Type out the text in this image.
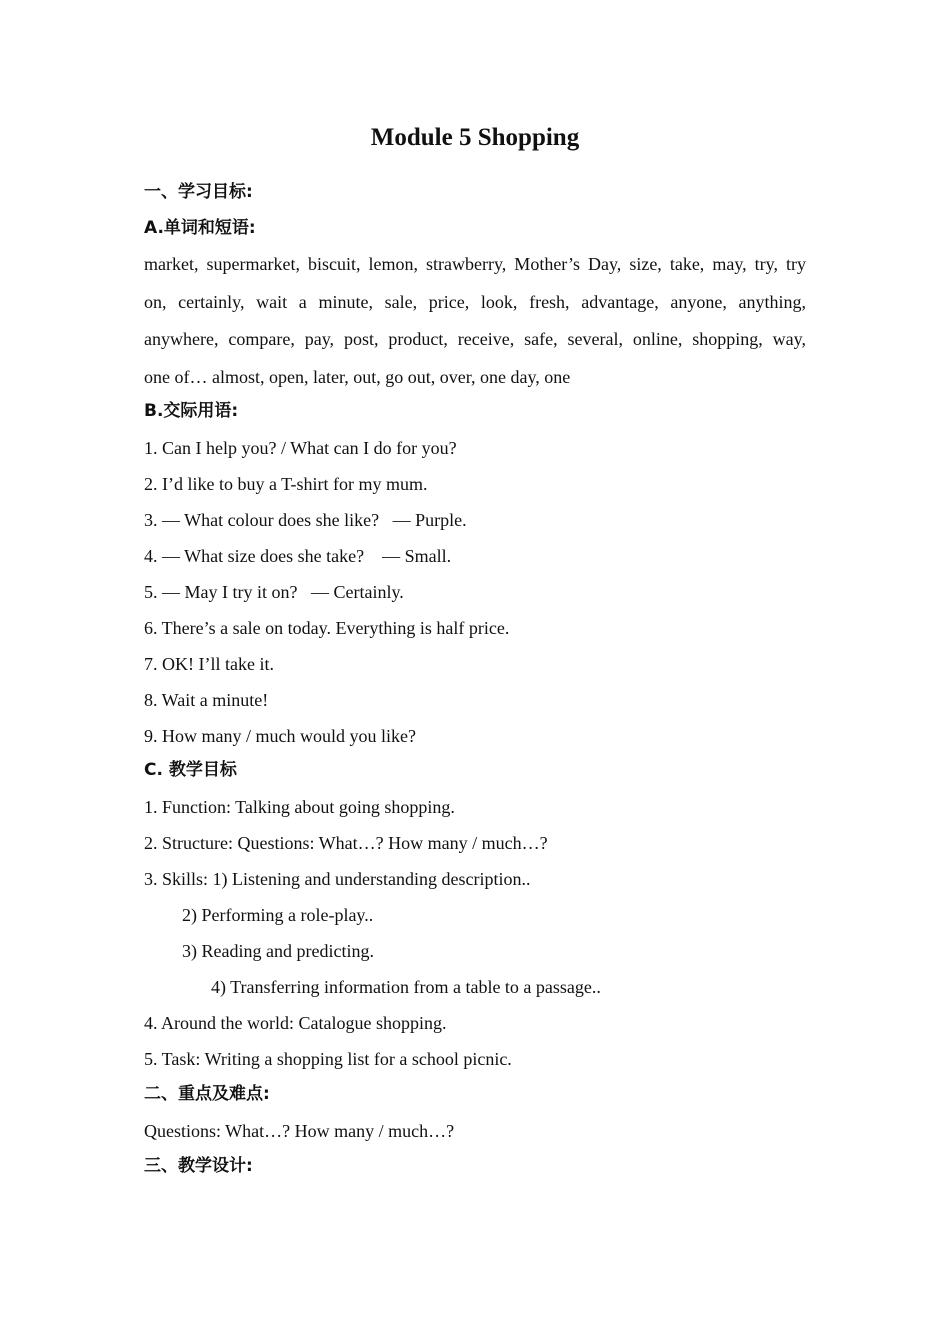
Module 5 Shopping
一、学习目标:
A.单词和短语:
market, supermarket, biscuit, lemon, strawberry, Mother’s Day, size, take, may, try, try
on, certainly, wait a minute, sale, price, look, fresh, advantage, anyone, anything,
anywhere, compare, pay, post, product, receive, safe, several, online, shopping, way,
one of… almost, open, later, out, go out, over, one day, one
B.交际用语:
1. Can I help you? / What can I do for you?
2. I’d like to buy a T-shirt for my mum.
3. — What colour does she like?   — Purple.
4. — What size does she take?    — Small.
5. — May I try it on?   — Certainly.
6. There’s a sale on today. Everything is half price.
7. OK! I’ll take it.
8. Wait a minute!
9. How many / much would you like?
C. 教学目标
1. Function: Talking about going shopping.
2. Structure: Questions: What…? How many / much…?
3. Skills: 1) Listening and understanding description..
2) Performing a role-play..
3) Reading and predicting.
4) Transferring information from a table to a passage..
4. Around the world: Catalogue shopping.
5. Task: Writing a shopping list for a school picnic.
二、重点及难点:
Questions: What…? How many / much…?
三、教学设计:
